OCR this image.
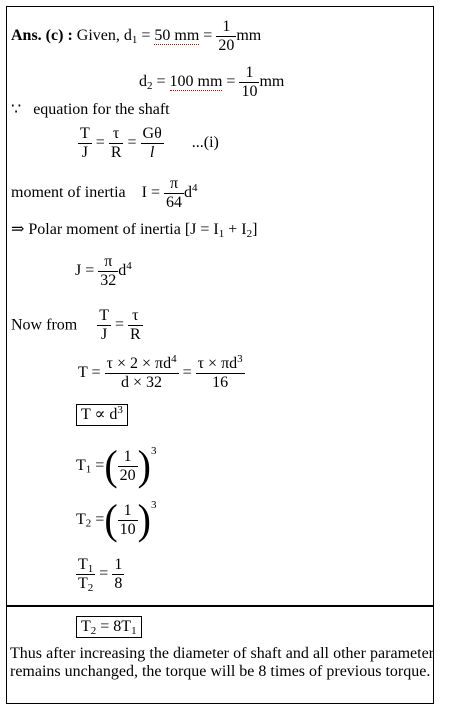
Ans. (c) : Given, $d_1 = 50$ mm = $\frac{1}{20}$ mm
$d_2 = 100$ mm = $\frac{1}{10}$ mm
∵ equation for the shaft
$\frac{T}{J} = \frac{\tau}{R} = \frac{G\theta}{l} ...(i)$
moment of inertia $I = \frac{\pi}{64} d^4$
⇒ Polar moment of inertia $[J = I_1 + I_2]$
$J = \frac{\pi}{32} d^4$
Now from $\frac{T}{J} = \frac{\tau}{R}$
$T = \frac{\tau \times 2 \times \pi d^4}{d \times 32} = \frac{\tau \times \pi d^3}{16}$
$T \propto d^3$
$T_1$ =( $\frac{1}{20} )3$
$T_2$ =( $\frac{1}{10} )3$
$\frac{T_1}{T_2} = \frac{1}{8}$
$T_2 = 8T_1$
Thus after increasing the diameter of shaft and all other parameter remains unchanged, the torque will be 8 times of previous torque.
